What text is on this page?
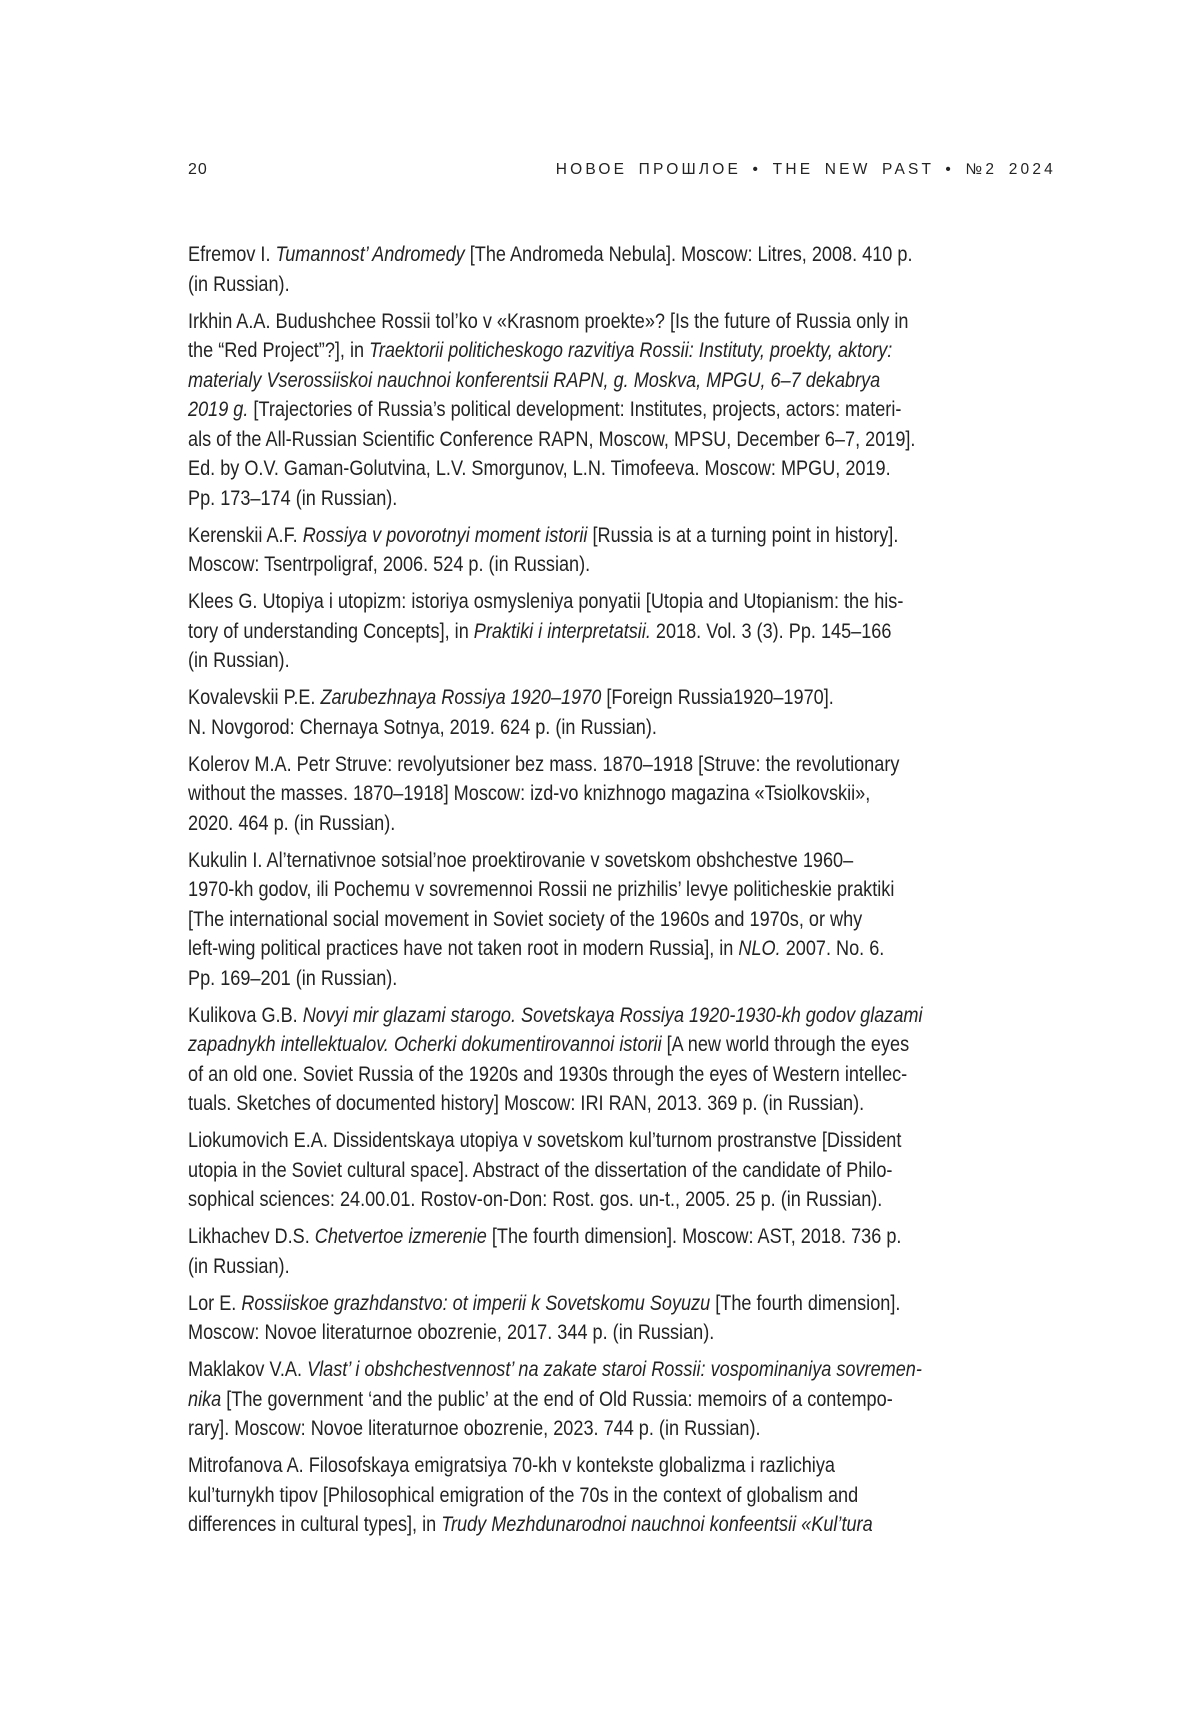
20	НОВОЕ ПРОШЛОЕ • THE NEW PAST • №2 2024

Efremov I. Tumannost’ Andromedy [The Andromeda Nebula]. Moscow: Litres, 2008. 410 p.
(in Russian).

Irkhin A.A. Budushchee Rossii tol’ko v «Krasnom proekte»? [Is the future of Russia only in
the “Red Project”?], in Traektorii politicheskogo razvitiya Rossii: Instituty, proekty, aktory:
materialy Vserossiiskoi nauchnoi konferentsii RAPN, g. Moskva, MPGU, 6–7 dekabrya
2019 g. [Trajectories of Russia’s political development: Institutes, projects, actors: materi-
als of the All-Russian Scientific Conference RAPN, Moscow, MPSU, December 6–7, 2019].
Ed. by O.V. Gaman-Golutvina, L.V. Smorgunov, L.N. Timofeeva. Moscow: MPGU, 2019.
Pp. 173–174 (in Russian).

Kerenskii A.F. Rossiya v povorotnyi moment istorii [Russia is at a turning point in history].
Moscow: Tsentrpoligraf, 2006. 524 p. (in Russian).

Klees G. Utopiya i utopizm: istoriya osmysleniya ponyatii [Utopia and Utopianism: the his-
tory of understanding Concepts], in Praktiki i interpretatsii. 2018. Vol. 3 (3). Pp. 145–166
(in Russian).

Kovalevskii P.E. Zarubezhnaya Rossiya 1920–1970 [Foreign Russia1920–1970].
N. Novgorod: Chernaya Sotnya, 2019. 624 p. (in Russian).

Kolerov M.A. Petr Struve: revolyutsioner bez mass. 1870–1918 [Struve: the revolutionary
without the masses. 1870–1918] Moscow: izd-vo knizhnogo magazina «Tsiolkovskii»,
2020. 464 p. (in Russian).

Kukulin I. Al’ternativnoe sotsial’noe proektirovanie v sovetskom obshchestve 1960–
1970-kh godov, ili Pochemu v sovremennoi Rossii ne prizhilis’ levye politicheskie praktiki
[The international social movement in Soviet society of the 1960s and 1970s, or why
left-wing political practices have not taken root in modern Russia], in NLO. 2007. No. 6.
Pp. 169–201 (in Russian).

Kulikova G.B. Novyi mir glazami starogo. Sovetskaya Rossiya 1920-1930-kh godov glazami
zapadnykh intellektualov. Ocherki dokumentirovannoi istorii [A new world through the eyes
of an old one. Soviet Russia of the 1920s and 1930s through the eyes of Western intellec-
tuals. Sketches of documented history] Moscow: IRI RAN, 2013. 369 p. (in Russian).

Liokumovich E.A. Dissidentskaya utopiya v sovetskom kul’turnom prostranstve [Dissident
utopia in the Soviet cultural space]. Abstract of the dissertation of the candidate of Philo-
sophical sciences: 24.00.01. Rostov-on-Don: Rost. gos. un-t., 2005. 25 p. (in Russian).

Likhachev D.S. Chetvertoe izmerenie [The fourth dimension]. Moscow: AST, 2018. 736 p.
(in Russian).

Lor E. Rossiiskoe grazhdanstvo: ot imperii k Sovetskomu Soyuzu [The fourth dimension].
Moscow: Novoe literaturnoe obozrenie, 2017. 344 p. (in Russian).

Maklakov V.A. Vlast’ i obshchestvennost’ na zakate staroi Rossii: vospominaniya sovremen-
nika [The government ‘and the public’ at the end of Old Russia: memoirs of a contempo-
rary]. Moscow: Novoe literaturnoe obozrenie, 2023. 744 p. (in Russian).

Mitrofanova A. Filosofskaya emigratsiya 70-kh v kontekste globalizma i razlichiya
kul’turnykh tipov [Philosophical emigration of the 70s in the context of globalism and
differences in cultural types], in Trudy Mezhdunarodnoi nauchnoi konfeentsii «Kul’tura
